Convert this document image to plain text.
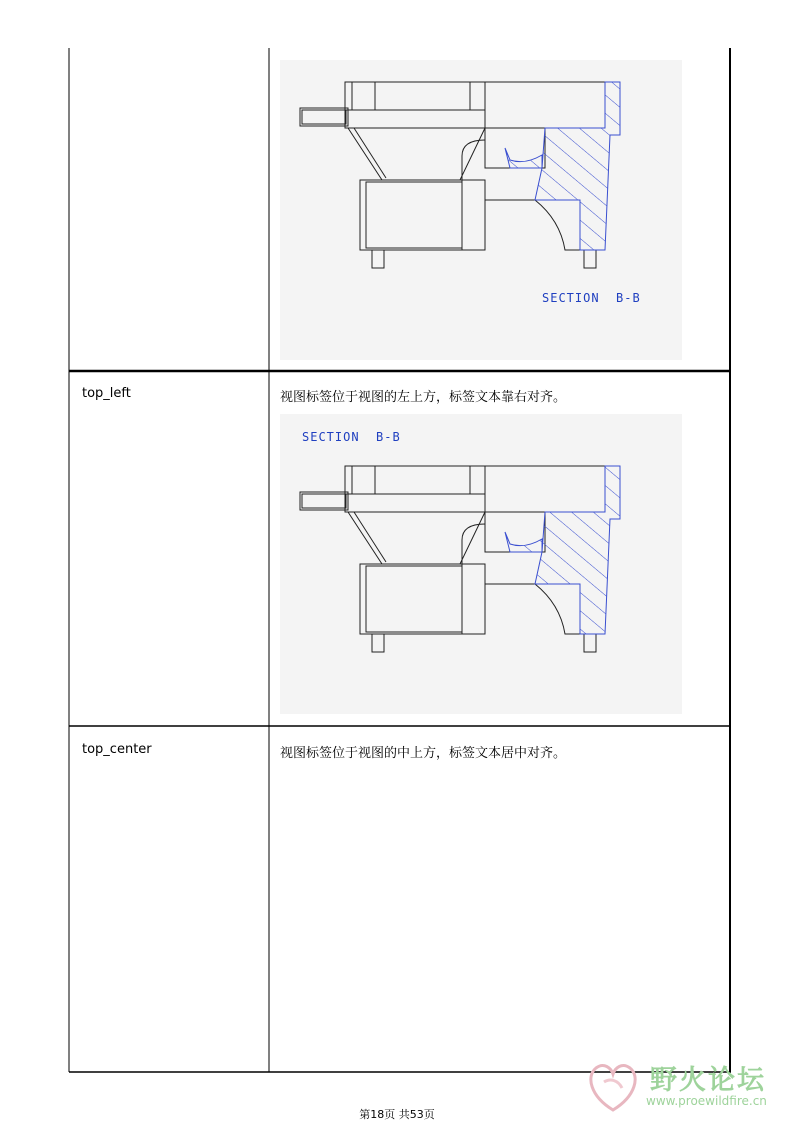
SECTION  B-B
top_left	视图标签位于视图的左上方，标签文本靠右对齐。
SECTION  B-B
top_center	视图标签位于视图的中上方，标签文本居中对齐。
野火论坛
www.proewildfire.cn
第18页 共53页
